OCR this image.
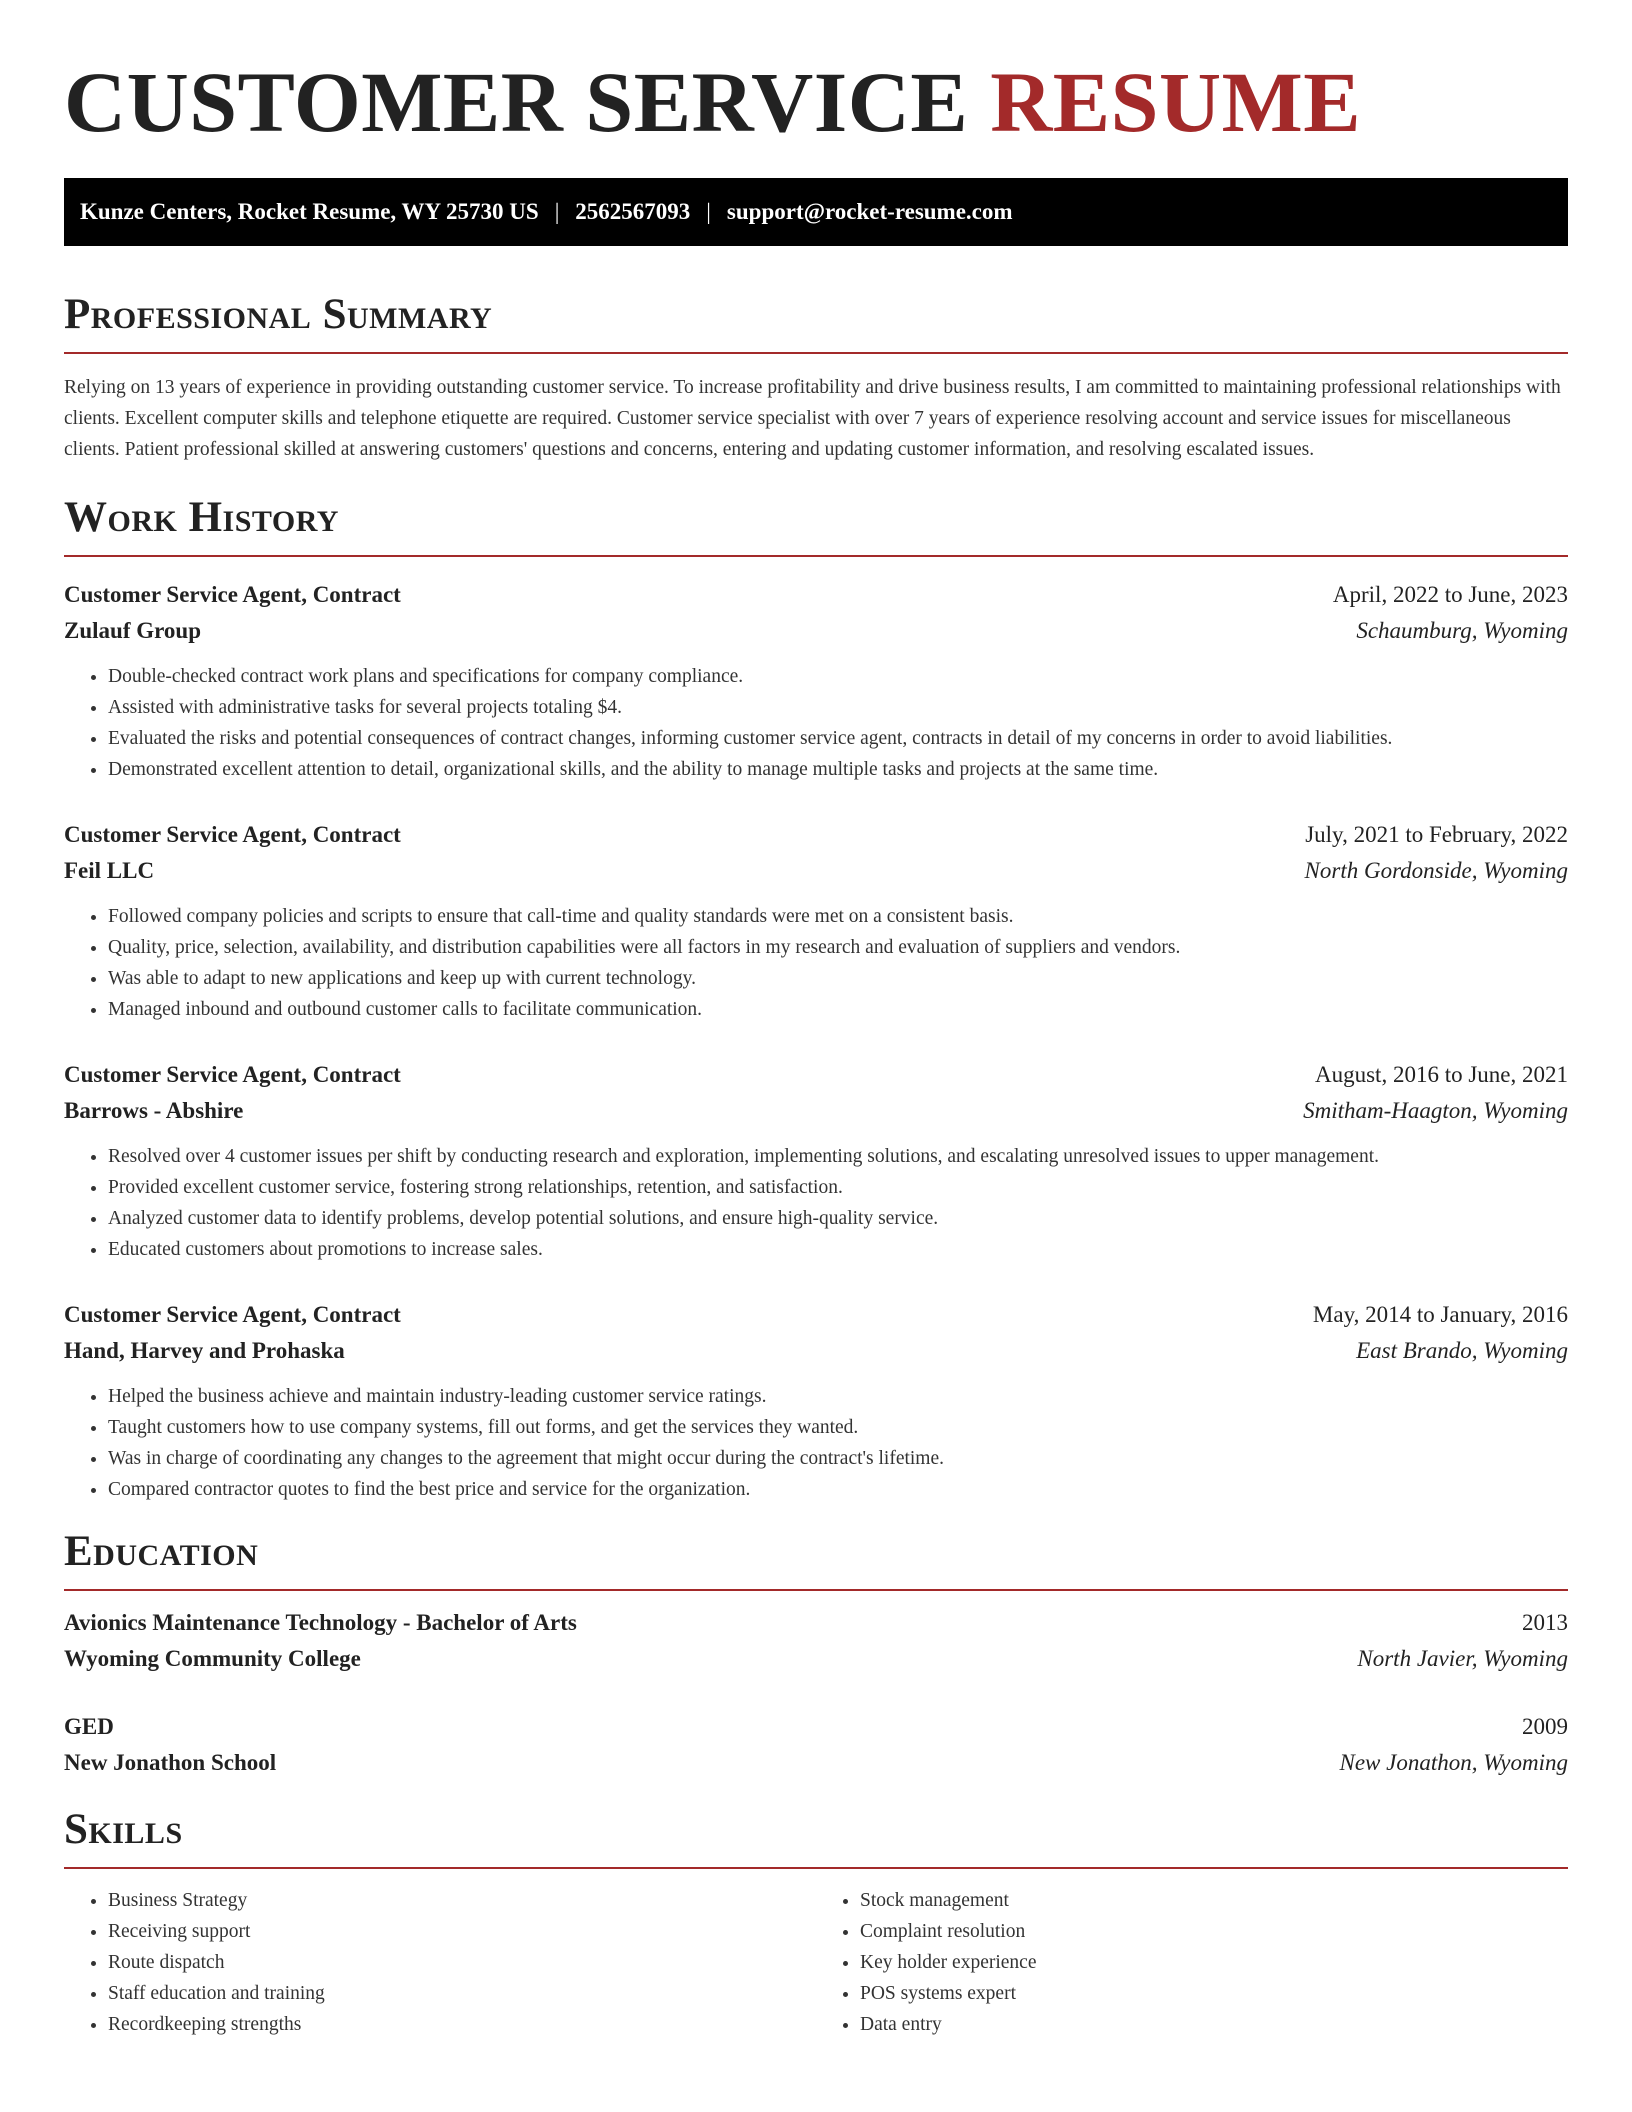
CUSTOMER SERVICE RESUME
Kunze Centers, Rocket Resume, WY 25730 US | 2562567093 | support@rocket-resume.com
Professional Summary

Relying on 13 years of experience in providing outstanding customer service. To increase profitability and drive business results, I am committed to maintaining professional relationships with clients. Excellent computer skills and telephone etiquette are required. Customer service specialist with over 7 years of experience resolving account and service issues for miscellaneous clients. Patient professional skilled at answering customers' questions and concerns, entering and updating customer information, and resolving escalated issues.

Work History
Customer Service Agent, Contract	April, 2022 to June, 2023
Zulauf Group	Schaumburg, Wyoming
• Double-checked contract work plans and specifications for company compliance.
• Assisted with administrative tasks for several projects totaling $4.
• Evaluated the risks and potential consequences of contract changes, informing customer service agent, contracts in detail of my concerns in order to avoid liabilities.
• Demonstrated excellent attention to detail, organizational skills, and the ability to manage multiple tasks and projects at the same time.
Customer Service Agent, Contract	July, 2021 to February, 2022
Feil LLC	North Gordonside, Wyoming
• Followed company policies and scripts to ensure that call-time and quality standards were met on a consistent basis.
• Quality, price, selection, availability, and distribution capabilities were all factors in my research and evaluation of suppliers and vendors.
• Was able to adapt to new applications and keep up with current technology.
• Managed inbound and outbound customer calls to facilitate communication.
Customer Service Agent, Contract	August, 2016 to June, 2021
Barrows - Abshire	Smitham-Haagton, Wyoming
• Resolved over 4 customer issues per shift by conducting research and exploration, implementing solutions, and escalating unresolved issues to upper management.
• Provided excellent customer service, fostering strong relationships, retention, and satisfaction.
• Analyzed customer data to identify problems, develop potential solutions, and ensure high-quality service.
• Educated customers about promotions to increase sales.
Customer Service Agent, Contract	May, 2014 to January, 2016
Hand, Harvey and Prohaska	East Brando, Wyoming
• Helped the business achieve and maintain industry-leading customer service ratings.
• Taught customers how to use company systems, fill out forms, and get the services they wanted.
• Was in charge of coordinating any changes to the agreement that might occur during the contract's lifetime.
• Compared contractor quotes to find the best price and service for the organization.
Education
Avionics Maintenance Technology - Bachelor of Arts	2013
Wyoming Community College	North Javier, Wyoming
GED	2009
New Jonathon School	New Jonathon, Wyoming
Skills
• Business Strategy
• Receiving support
• Route dispatch
• Staff education and training
• Recordkeeping strengths
• Stock management
• Complaint resolution
• Key holder experience
• POS systems expert
• Data entry
